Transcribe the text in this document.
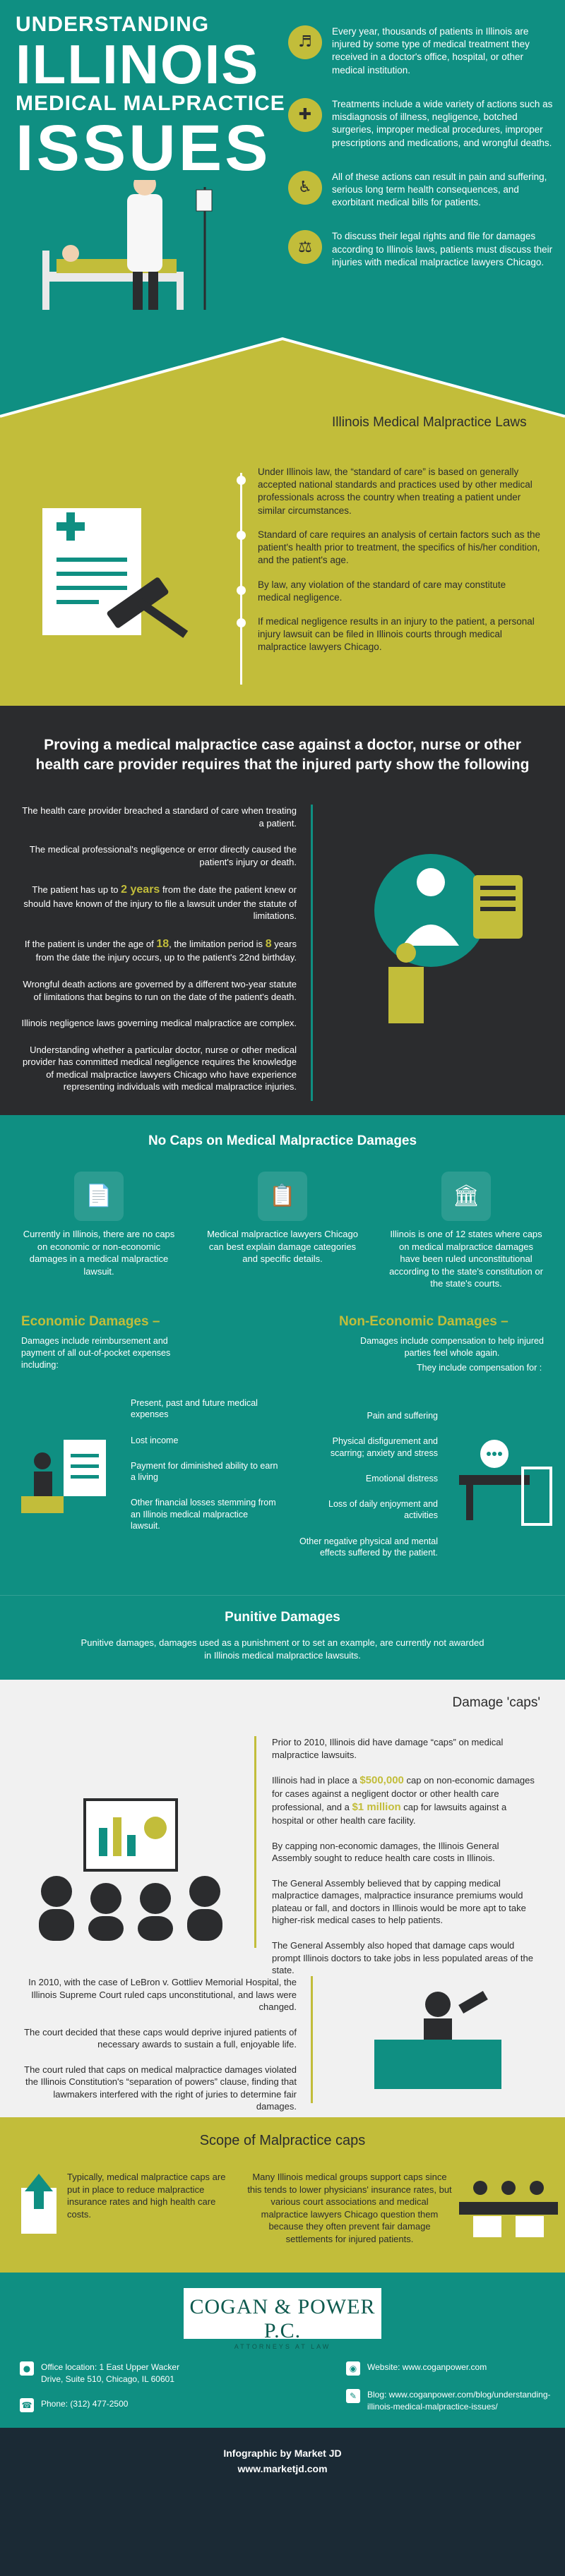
UNDERSTANDING
ILLINOIS
MEDICAL MALPRACTICE
ISSUES
♬

Every year, thousands of patients in Illinois are injured by some type of medical treatment they received in a doctor's office, hospital, or other medical institution.

✚

Treatments include a wide variety of actions such as misdiagnosis of illness, negligence, botched surgeries, improper medical procedures, improper prescriptions and medications, and wrongful deaths.

♿

All of these actions can result in pain and suffering, serious long term health consequences, and exorbitant medical bills for patients.

⚖

To discuss their legal rights and file for damages according to Illinois laws, patients must discuss their injuries with medical malpractice lawyers Chicago.

Illinois Medical Malpractice Laws

Under Illinois law, the “standard of care” is based on generally accepted national standards and practices used by other medical professionals across the country when treating a patient under similar circumstances.

Standard of care requires an analysis of certain factors such as the patient's health prior to treatment, the specifics of his/her condition, and the patient's age.

By law, any violation of the standard of care may constitute medical negligence.

If medical negligence results in an injury to the patient, a personal injury lawsuit can be filed in Illinois courts through medical malpractice lawyers Chicago.

Proving a medical malpractice case against a doctor, nurse or other health care provider requires that the injured party show the following

The health care provider breached a standard of care when treating a patient.

The medical professional's negligence or error directly caused the patient's injury or death.

The patient has up to 2 years from the date the patient knew or should have known of the injury to file a lawsuit under the statute of limitations.

If the patient is under the age of 18, the limitation period is 8 years from the date the injury occurs, up to the patient's 22nd birthday.

Wrongful death actions are governed by a different two-year statute of limitations that begins to run on the date of the patient's death.

Illinois negligence laws governing medical malpractice are complex.

Understanding whether a particular doctor, nurse or other medical provider has committed medical negligence requires the knowledge of medical malpractice lawyers Chicago who have experience representing individuals with medical malpractice injuries.

No Caps on Medical Malpractice Damages
📄

Currently in Illinois, there are no caps on economic or non-economic damages in a medical malpractice lawsuit.

📋

Medical malpractice lawyers Chicago can best explain damage categories and specific details.

🏛

Illinois is one of 12 states where caps on medical malpractice damages have been ruled unconstitutional according to the state's constitution or the state's courts.

Economic Damages –
Damages include reimbursement and payment of all out-of-pocket expenses including:

Present, past and future medical expenses

Lost income

Payment for diminished ability to earn a living

Other financial losses stemming from an Illinois medical malpractice lawsuit.

Non-Economic Damages –
Damages include compensation to help injured parties feel whole again.
They include compensation for :

Pain and suffering

Physical disfigurement and scarring; anxiety and stress

Emotional distress

Loss of daily enjoyment and activities

Other negative physical and mental effects suffered by the patient.

Punitive Damages
Punitive damages, damages used as a punishment or to set an example, are currently not awarded in Illinois medical malpractice lawsuits.
Damage 'caps'

Prior to 2010, Illinois did have damage “caps” on medical malpractice lawsuits.

Illinois had in place a $500,000 cap on non-economic damages for cases against a negligent doctor or other health care professional, and a $1 million cap for lawsuits against a hospital or other health care facility.

By capping non-economic damages, the Illinois General Assembly sought to reduce health care costs in Illinois.

The General Assembly believed that by capping medical malpractice damages, malpractice insurance premiums would plateau or fall, and doctors in Illinois would be more apt to take higher-risk medical cases to help patients.

The General Assembly also hoped that damage caps would prompt Illinois doctors to take jobs in less populated areas of the state.

In 2010, with the case of LeBron v. Gottliev Memorial Hospital, the Illinois Supreme Court ruled caps unconstitutional, and laws were changed.

The court decided that these caps would deprive injured patients of necessary awards to sustain a full, enjoyable life.

The court ruled that caps on medical malpractice damages violated the Illinois Constitution's “separation of powers” clause, finding that lawmakers interfered with the right of juries to determine fair damages.

Scope of Malpractice caps
Typically, medical malpractice caps are put in place to reduce malpractice insurance rates and high health care costs.
Many Illinois medical groups support caps since this tends to lower physicians' insurance rates, but various court associations and medical malpractice lawyers Chicago question them because they often prevent fair damage settlements for injured patients.
COGAN & POWER P.C.
ATTORNEYS AT LAW
●	Office location: 1 East Upper Wacker Drive, Suite 510, Chicago, IL 60601
☎ Phone: (312) 477-2500
◉	Website: www.coganpower.com
✎	Blog: www.coganpower.com/blog/understanding-illinois-medical-malpractice-issues/
Infographic by Market JD
www.marketjd.com
